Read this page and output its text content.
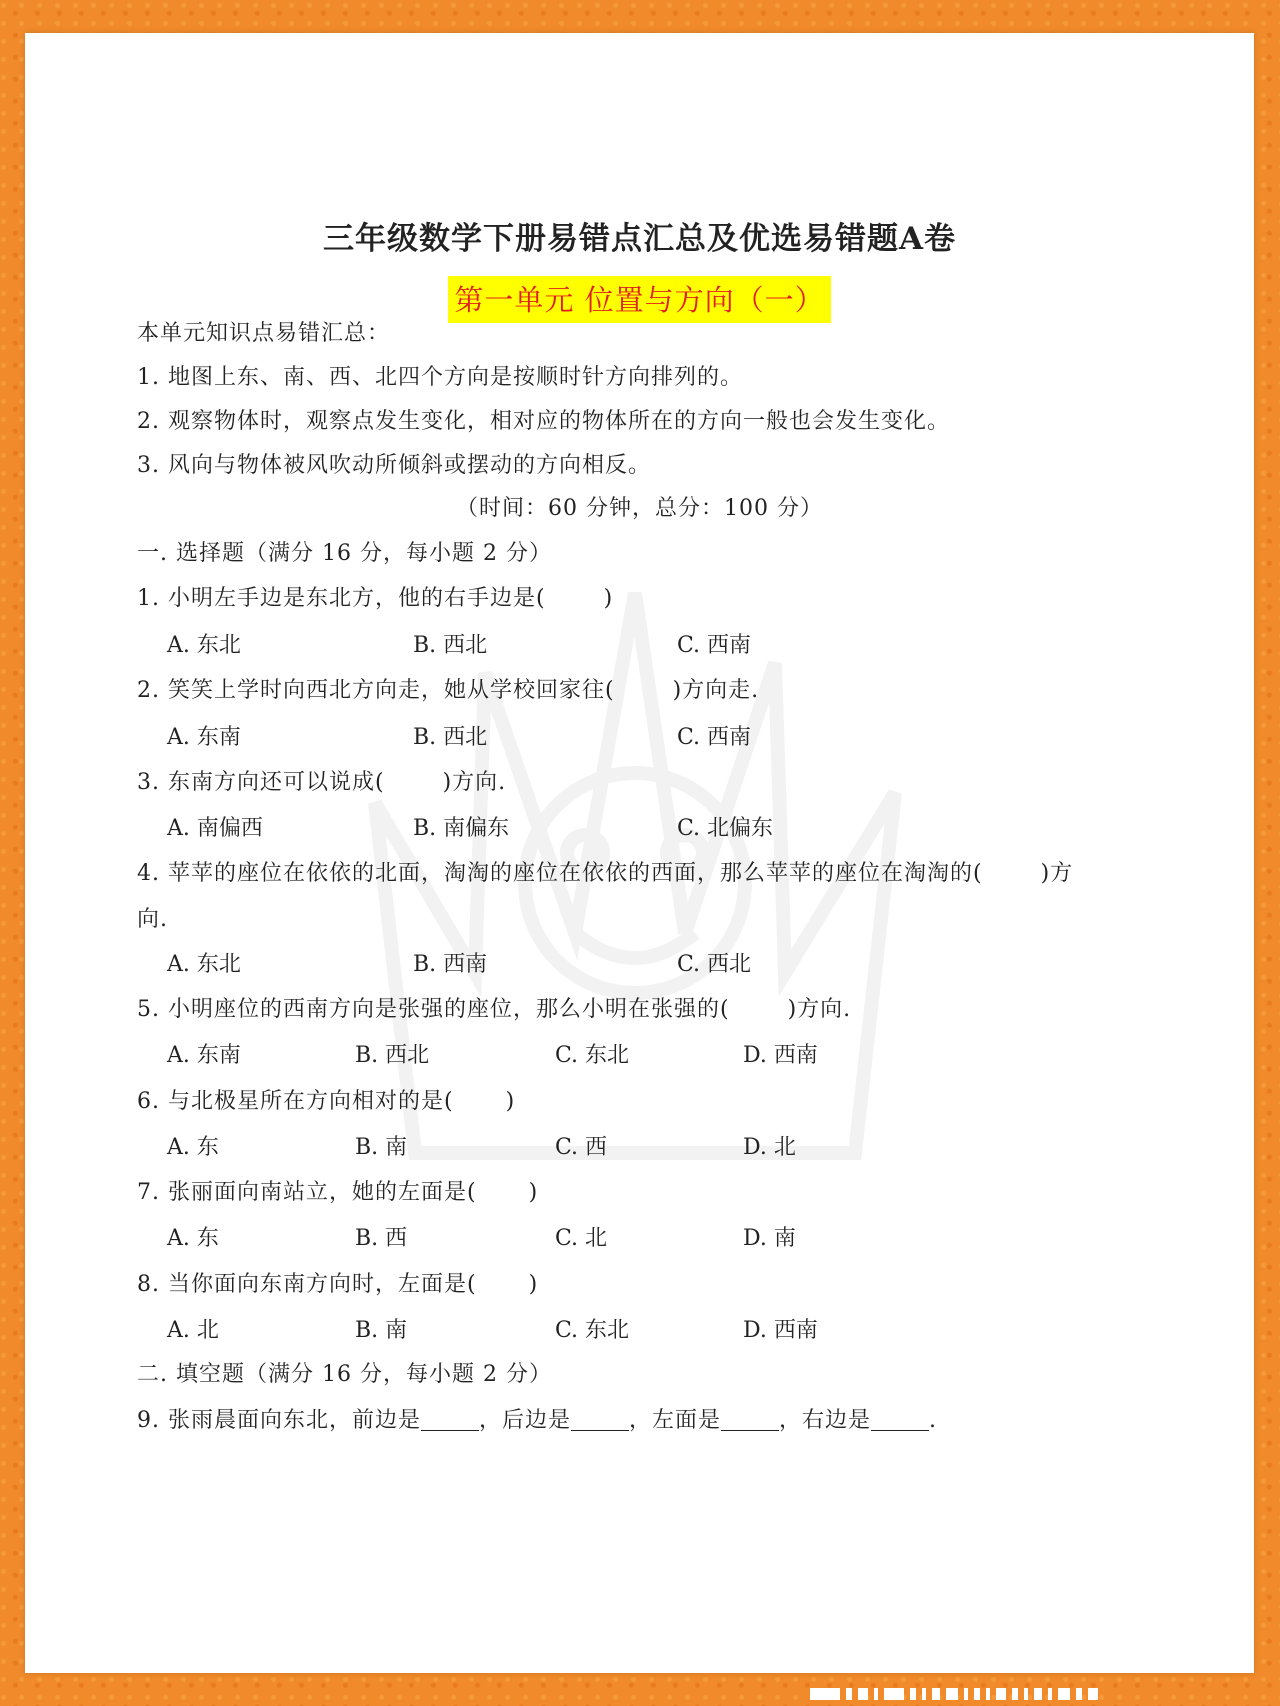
三年级数学下册易错点汇总及优选易错题A卷
第一单元 位置与方向（一）
本单元知识点易错汇总：
1. 地图上东、南、西、北四个方向是按顺时针方向排列的。
2. 观察物体时，观察点发生变化，相对应的物体所在的方向一般也会发生变化。
3. 风向与物体被风吹动所倾斜或摆动的方向相反。
（时间：60 分钟，总分：100 分）
一. 选择题（满分 16 分，每小题 2 分）
1. 小明左手边是东北方，他的右手边是(	)
A. 东北	B. 西北	C. 西南
2. 笑笑上学时向西北方向走，她从学校回家往(	)方向走.
A. 东南	B. 西北	C. 西南
3. 东南方向还可以说成(	)方向.
A. 南偏西	B. 南偏东	C. 北偏东
4. 苹苹的座位在依依的北面，淘淘的座位在依依的西面，那么苹苹的座位在淘淘的(	)方
向.
A. 东北	B. 西南	C. 西北
5. 小明座位的西南方向是张强的座位，那么小明在张强的(	)方向.
A. 东南	B. 西北	C. 东北	D. 西南
6. 与北极星所在方向相对的是( )
A. 东	B. 南	C. 西	D. 北
7. 张丽面向南站立，她的左面是( )
A. 东	B. 西	C. 北	D. 南
8. 当你面向东南方向时，左面是( )
A. 北	B. 南	C. 东北	D. 西南
二. 填空题（满分 16 分，每小题 2 分）
9. 张雨晨面向东北，前边是	，后边是	，左面是	，右边是	.
